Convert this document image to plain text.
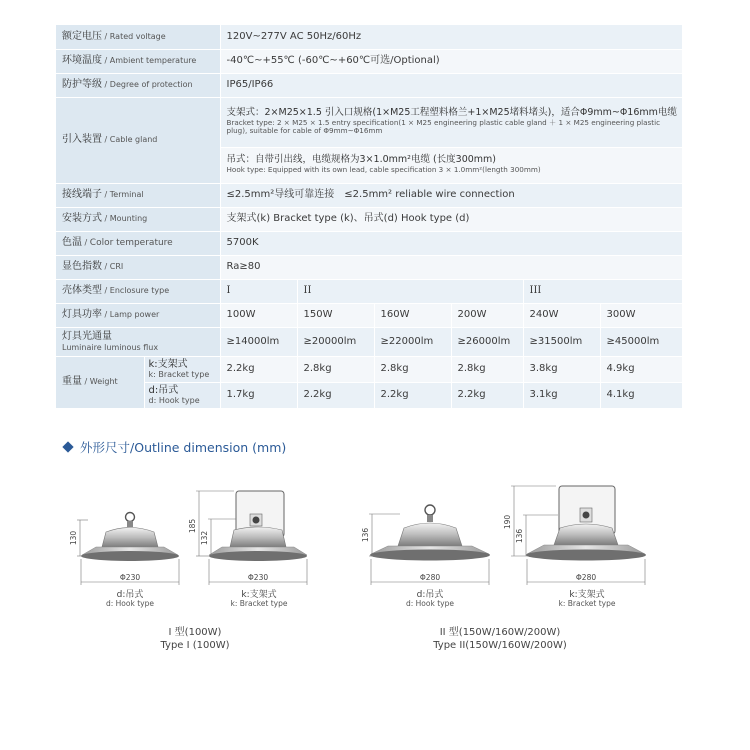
额定电压 / Rated voltage		120V~277V AC 50Hz/60Hz					
环境温度 / Ambient temperature		-40℃~+55℃ (-60℃~+60℃可选/Optional)					
防护等级 / Degree of protection		IP65/IP66					
引入装置 / Cable gland		支架式：2×M25×1.5 引入口规格(1×M25工程塑料格兰+1×M25堵料堵头)，适合Φ9mm~Φ16mm电缆
Bracket type: 2 × M25 × 1.5 entry specification(1 × M25 engineering plastic cable gland ＋ 1 × M25 engineering plastic plug), suitable for cable of Φ9mm~Φ16mm					

		吊式：自带引出线，电缆规格为3×1.0mm²电缆 (长度300mm)
Hook type: Equipped with its own lead, cable specification 3 × 1.0mm²(length 300mm)					

接线端子 / Terminal		≤2.5mm²导线可靠连接　≤2.5mm² reliable wire connection					
安装方式 / Mounting		支架式(k) Bracket type (k)、吊式(d) Hook type (d)					
色温 / Color temperature		5700K					
显色指数 / CRI		Ra≥80					
壳体类型 / Enclosure type		I	II			III	
灯具功率 / Lamp power		100W	150W	160W	200W	240W	300W

灯具光通量
Luminaire luminous flux		≥14000lm	≥20000lm	≥22000lm	≥26000lm	≥31500lm	≥45000lm
重量 / Weight	k:支架式
k: Bracket type	2.2kg	2.8kg	2.8kg	2.8kg	3.8kg	4.9kg

	d:吊式
d: Hook type	1.7kg	2.2kg	2.2kg	2.2kg	3.1kg	4.1kg
外形尺寸 /Outline dimension (mm)
130
Φ230
185
132
Φ230
136
Φ280
190
136
Φ280
d:吊式
d: Hook type
k:支架式
k: Bracket type
d:吊式
d: Hook type
k:支架式
k: Bracket type
I 型(100W)
Type I (100W)
II 型(150W/160W/200W)
Type II(150W/160W/200W)
